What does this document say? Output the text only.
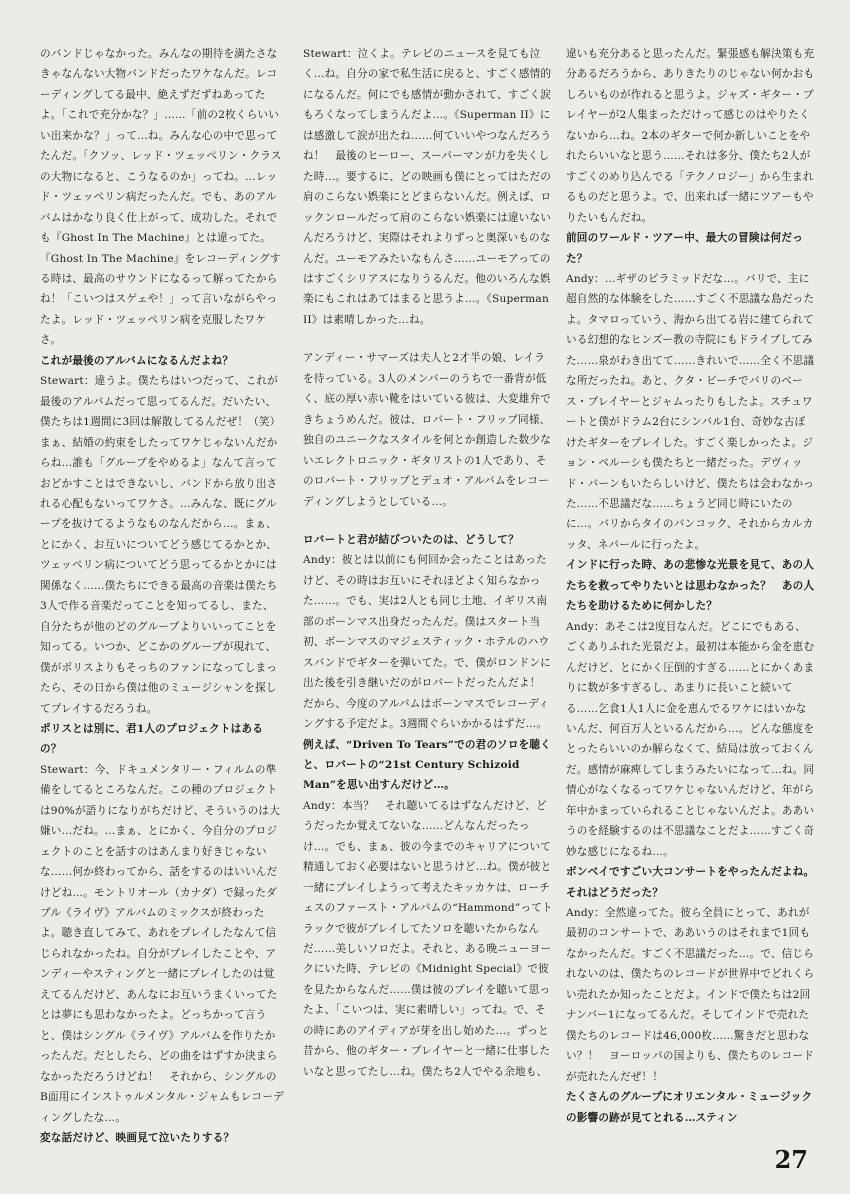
のバンドじゃなかった。みんなの期待を満たさなきゃなんない大物バンドだったワケなんだ。レコーディングしてる最中、絶えずだずねあってたよ。「これで充分かな？」……「前の2枚くらいいい出来かな？」って…ね。みんな心の中で思ってたんだ。「クソッ、レッド・ツェッペリン・クラスの大物になると、こうなるのか」ってね。…レッド・ツェッペリン病だったんだ。でも、あのアルバムはかなり良く仕上がって、成功した。それでも『Ghost In The Machine』とは違ってた。『Ghost In The Machine』をレコーディングする時は、最高のサウンドになるって解ってたからね！「こいつはスゲェや！」って言いながらやったよ。レッド・ツェッペリン病を克服したワケさ。

これが最後のアルバムになるんだよね？

Stewart：違うよ。僕たちはいつだって、これが最後のアルバムだって思ってるんだ。だいたい、僕たちは1週間に3回は解散してるんだぜ！（笑）まぁ、結婚の約束をしたってワケじゃないんだからね…誰も「グループをやめるよ」なんて言っておどかすことはできないし、バンドから放り出される心配もないってワケさ。…みんな、既にグループを抜けてるようなものなんだから…。まぁ、とにかく、お互いについてどう感じてるかとか、ツェッペリン病についてどう思ってるかとかには関係なく……僕たちにできる最高の音楽は僕たち3人で作る音楽だってことを知ってるし、また、自分たちが他のどのグループよりいいってことを知ってる。いつか、どこかのグループが現れて、僕がポリスよりもそっちのファンになってしまったら、その日から僕は他のミュージシャンを探してプレイするだろうね。

ポリスとは別に、君1人のプロジェクトはあるの？

Stewart：今、ドキュメンタリー・フィルムの準備をしてるところなんだ。この種のプロジェクトは90%が語りになりがちだけど、そういうのは大嫌い…だね。…まぁ、とにかく、今自分のプロジェクトのことを話すのはあんまり好きじゃないな……何か終わってから、話をするのはいいんだけどね…。モントリオール（カナダ）で録ったダブル《ライヴ》アルバムのミックスが終わったよ。聴き直してみて、あれをプレイしたなんて信じられなかったね。自分がプレイしたことや、アンディーやスティングと一緒にプレイしたのは覚えてるんだけど、あんなにお互いうまくいってたとは夢にも思わなかったよ。どっちかって言うと、僕はシングル《ライヴ》アルバムを作りたかったんだ。だとしたら、どの曲をはずすか決まらなかっただろうけどね！　それから、シングルのB面用にインストゥルメンタル・ジャムもレコーディングしたな…。

変な話だけど、映画見て泣いたりする？

Stewart：泣くよ。テレビのニュースを見ても泣く…ね。自分の家で私生活に戻ると、すごく感情的になるんだ。何にでも感情が動かされて、すごく涙もろくなってしまうんだよ…。《Superman II》には感激して涙が出たね……何ていいやつなんだろうね！　最後のヒーロー、スーパーマンが力を失くした時…。要するに、どの映画も僕にとってはただの肩のこらない娯楽にとどまらないんだ。例えば、ロックンロールだって肩のこらない娯楽には違いないんだろうけど、実際はそれよりずっと奥深いものなんだ。ユーモアみたいなもんさ……ユーモアってのはすごくシリアスになりうるんだ。他のいろんな娯楽にもこれはあてはまると思うよ…。《Superman II》は素晴しかった…ね。

アンディー・サマーズは夫人と2才半の娘、レイラを待っている。3人のメンバーのうちで一番背が低く、底の厚い赤い靴をはいている彼は、大変雄弁できちょうめんだ。彼は、ロバート・フリップ同様、独自のユニークなスタイルを何とか創造した数少ないエレクトロニック・ギタリストの1人であり、そのロバート・フリップとデュオ・アルバムをレコーディングしようとしている…。

ロバートと君が結びついたのは、どうして？

Andy：彼とは以前にも何回か会ったことはあったけど、その時はお互いにそれほどよく知らなかった……。でも、実は2人とも同じ土地、イギリス南部のボーンマス出身だったんだ。僕はスタート当初、ボーンマスのマジェスティック・ホテルのハウスバンドでギターを弾いてた。で、僕がロンドンに出た後を引き継いだのがロバートだったんだよ！　だから、今度のアルバムはボーンマスでレコーディングする予定だよ。3週間ぐらいかかるはずだ…。

例えば、“Driven To Tears”での君のソロを聴くと、ロバートの“21st Century Schizoid Man”を思い出すんだけど…。

Andy：本当？　それ聴いてるはずなんだけど、どうだったか覚えてないな……どんなんだったっけ…。でも、まぁ、彼の今までのキャリアについて精通しておく必要はないと思うけど…ね。僕が彼と一緒にプレイしようって考えたキッカケは、ローチェスのファースト・アルバムの“Hammond”ってトラックで彼がプレイしてたソロを聴いたからなんだ……美しいソロだよ。それと、ある晩ニューヨークにいた時、テレビの《Midnight Special》で彼を見たからなんだ……僕は彼のプレイを聴いて思ったよ、「こいつは、実に素晴しい」ってね。で、その時にあのアイディアが芽を出し始めた…。ずっと昔から、他のギター・プレイヤーと一緒に仕事したいなと思ってたし…ね。僕たち2人でやる余地も、

違いも充分あると思ったんだ。緊張感も解決策も充分あるだろうから、ありきたりのじゃない何かおもしろいものが作れると思うよ。ジャズ・ギター・プレイヤーが2人集まっただけって感じのはやりたくないから…ね。2本のギターで何か新しいことをやれたらいいなと思う……それは多分、僕たち2人がすごくのめり込んでる「テクノロジー」から生まれるものだと思うよ。で、出来れば一緒にツアーもやりたいもんだね。

前回のワールド・ツアー中、最大の冒険は何だった？

Andy：…ギザのピラミッドだな…。バリで、主に超自然的な体験をした……すごく不思議な島だったよ。タマロっていう、海から出てる岩に建てられている幻想的なヒンズー教の寺院にもドライブしてみた……泉がわき出てて……きれいで……全く不思議な所だったね。あと、クタ・ビーチでバリのベース・プレイヤーとジャムったりもしたよ。スチュワートと僕がドラム2台にシンバル1台、奇妙な古ぼけたギターをプレイした。すごく楽しかったよ。ジョン・ベルーシも僕たちと一緒だった。デヴィッド・バーンもいたらしいけど、僕たちは会わなかった……不思議だな……ちょうど同じ時にいたのに…。バリからタイのバンコック、それからカルカッタ、ネパールに行ったよ。

インドに行った時、あの悲惨な光景を見て、あの人たちを救ってやりたいとは思わなかった？　あの人たちを助けるために何かした？

Andy：あそこは2度目なんだ。どこにでもある、ごくありふれた光景だよ。最初は本能から金を恵むんだけど、とにかく圧倒的すぎる……とにかくあまりに数が多すぎるし、あまりに長いこと続いてる……乞食1人1人に金を恵んでるワケにはいかないんだ、何百万人といるんだから…。どんな態度をとったらいいのか解らなくて、結局は放っておくんだ。感情が麻痺してしまうみたいになって…ね。同情心がなくなるってワケじゃないんだけど、年がら年中かまっていられることじゃないんだよ。ああいうのを経験するのは不思議なことだよ……すごく奇妙な感じになるね…。

ボンベイですごい大コンサートをやったんだよね。それはどうだった？

Andy：全然違ってた。彼ら全員にとって、あれが最初のコンサートで、ああいうのはそれまで1回もなかったんだ。すごく不思議だった…。で、信じられないのは、僕たちのレコードが世界中でどれくらい売れたか知ったことだよ。インドで僕たちは2回ナンバー1になってるんだ。そしてインドで売れた僕たちのレコードは46,000枚……驚きだと思わない？！　ヨーロッパの国よりも、僕たちのレコードが売れたんだぜ！！

たくさんのグループにオリエンタル・ミュージックの影響の跡が見てとれる…スティン

27
